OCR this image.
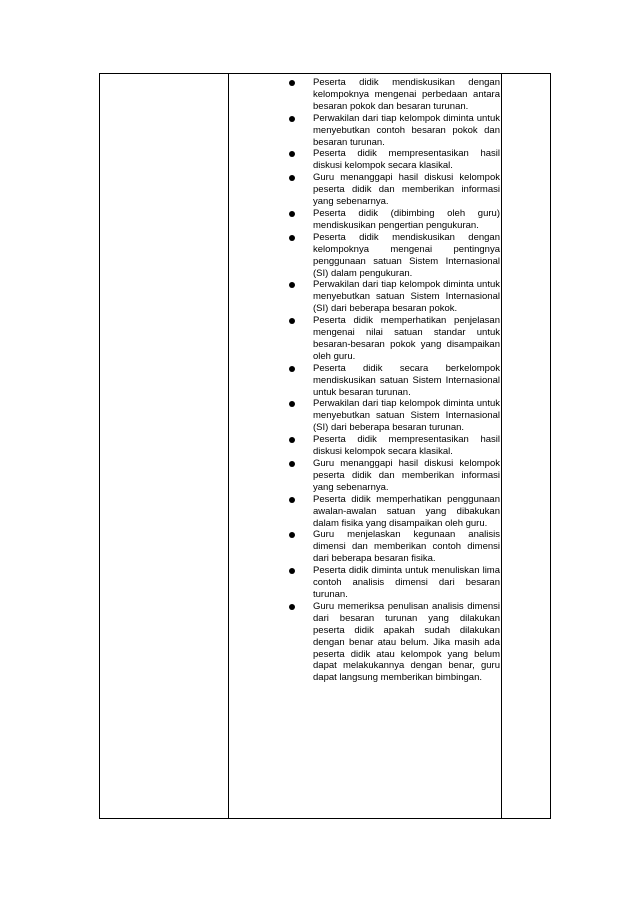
Peserta didik mendiskusikan dengan kelompoknya mengenai perbedaan antara besaran pokok dan besaran turunan.
Perwakilan dari tiap kelompok diminta untuk menyebutkan contoh besaran pokok dan besaran turunan.
Peserta didik mempresentasikan hasil diskusi kelompok secara klasikal.
Guru menanggapi hasil diskusi kelompok peserta didik dan memberikan informasi yang sebenarnya.
Peserta didik (dibimbing oleh guru) mendiskusikan pengertian pengukuran.
Peserta didik mendiskusikan dengan kelompoknya mengenai pentingnya penggunaan satuan Sistem Internasional (SI) dalam pengukuran.
Perwakilan dari tiap kelompok diminta untuk menyebutkan satuan Sistem Internasional (SI) dari beberapa besaran pokok.
Peserta didik memperhatikan penjelasan mengenai nilai satuan standar untuk besaran-besaran pokok yang disampaikan oleh guru.
Peserta didik secara berkelompok mendiskusikan satuan Sistem Internasional untuk besaran turunan.
Perwakilan dari tiap kelompok diminta untuk menyebutkan satuan Sistem Internasional (SI) dari beberapa besaran turunan.
Peserta didik mempresentasikan hasil diskusi kelompok secara klasikal.
Guru menanggapi hasil diskusi kelompok peserta didik dan memberikan informasi yang sebenarnya.
Peserta didik memperhatikan penggunaan awalan-awalan satuan yang dibakukan dalam fisika yang disampaikan oleh guru.
Guru menjelaskan kegunaan analisis dimensi dan memberikan contoh dimensi dari beberapa besaran fisika.
Peserta didik diminta untuk menuliskan lima contoh analisis dimensi dari besaran turunan.
Guru memeriksa penulisan analisis dimensi dari besaran turunan yang dilakukan peserta didik apakah sudah dilakukan dengan benar atau belum. Jika masih ada peserta didik atau kelompok yang belum dapat melakukannya dengan benar, guru dapat langsung memberikan bimbingan.
